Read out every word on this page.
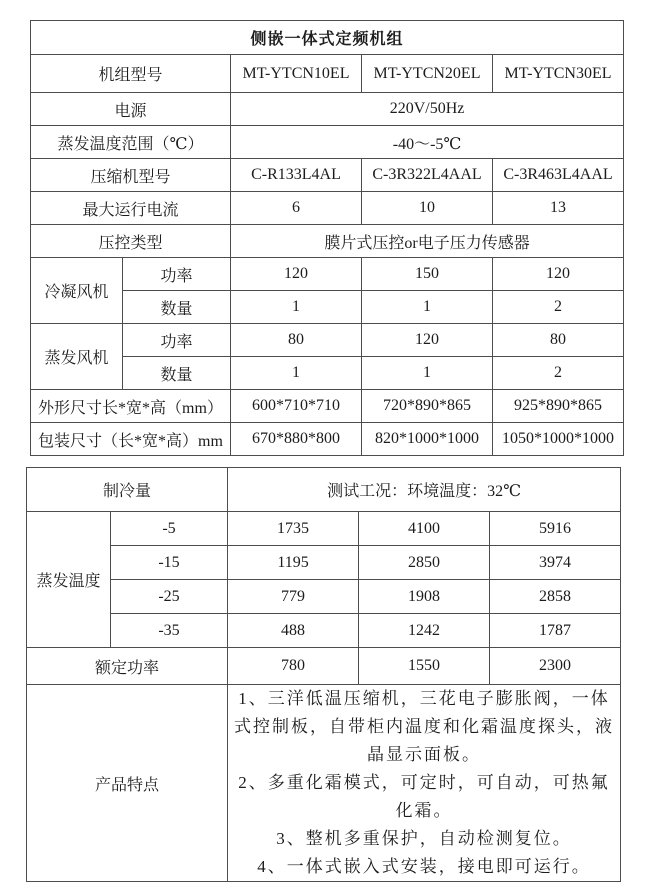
侧嵌一体式定频机组				
机组型号		MT-YTCN10EL	MT-YTCN20EL	MT-YTCN30EL
电源		220V/50Hz		
蒸发温度范围（℃）		-40～-5℃		
压缩机型号		C-R133L4AL	C-3R322L4AAL	C-3R463L4AAL
最大运行电流		6	10	13
压控类型		膜片式压控or电子压力传感器		
冷凝风机	功率	120	150	120
	数量	1	1	2
蒸发风机	功率	80	120	80
	数量	1	1	2
外形尺寸长*宽*高（mm）		600*710*710	720*890*865	925*890*865
包装尺寸（长*宽*高）mm		670*880*800	820*1000*1000	1050*1000*1000
制冷量		测试工况：环境温度：32℃		
蒸发温度	-5	1735	4100	5916
	-15	1195	2850	3974
	-25	779	1908	2858
	-35	488	1242	1787
额定功率		780	1550	2300
产品特点		1、三洋低温压缩机，三花电子膨胀阀，一体式控制板，自带柜内温度和化霜温度探头，液晶显示面板。
2、多重化霜模式，可定时，可自动，可热氟化霜。
3、整机多重保护，自动检测复位。
4、一体式嵌入式安装，接电即可运行。		
